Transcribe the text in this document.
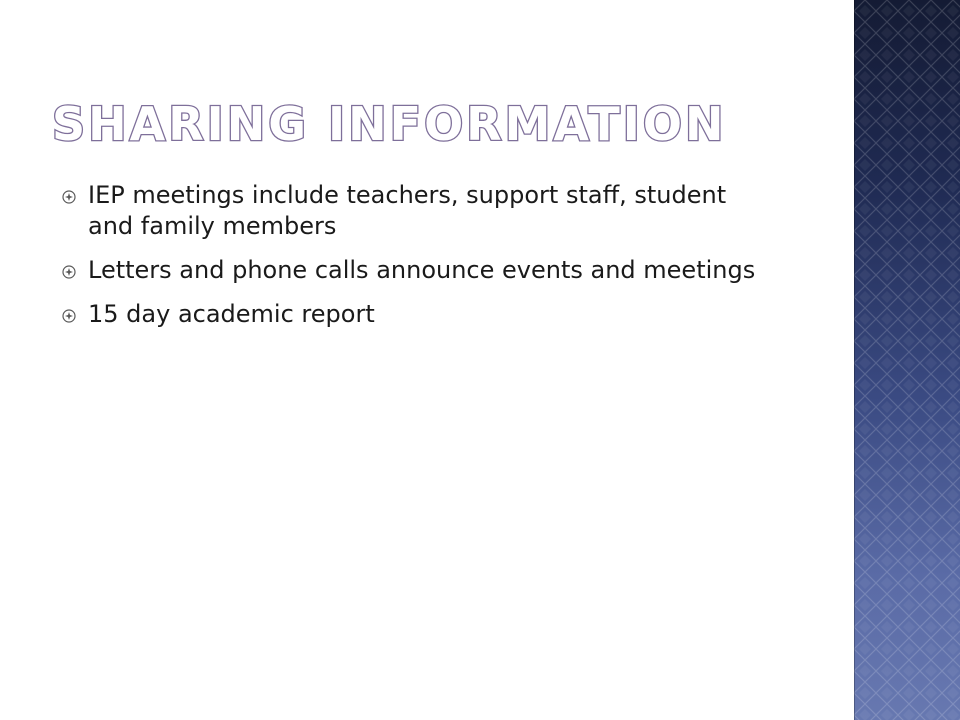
SHARING INFORMATION
IEP meetings include teachers, support staff, student and family members
Letters and phone calls announce events and meetings
15 day academic report
